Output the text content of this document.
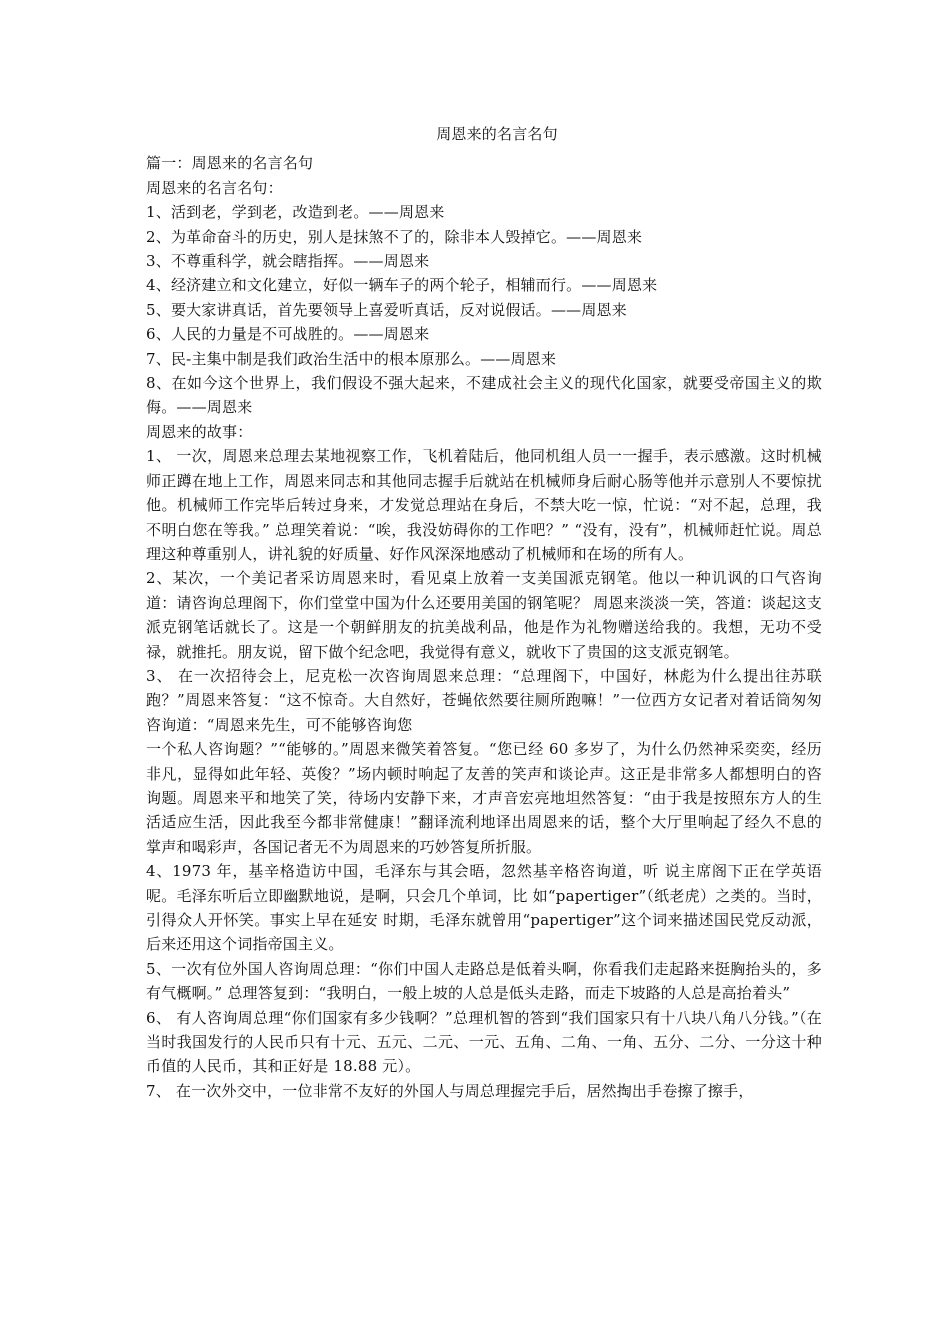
周恩来的名言名句
篇一：周恩来的名言名句
周恩来的名言名句：
1、活到老，学到老，改造到老。——周恩来
2、为革命奋斗的历史，别人是抹煞不了的，除非本人毁掉它。——周恩来
3、不尊重科学，就会瞎指挥。——周恩来
4、经济建立和文化建立，好似一辆车子的两个轮子，相辅而行。——周恩来
5、要大家讲真话，首先要领导上喜爱听真话，反对说假话。——周恩来
6、人民的力量是不可战胜的。——周恩来
7、民-主集中制是我们政治生活中的根本原那么。——周恩来

8、在如今这个世界上，我们假设不强大起来，不建成社会主义的现代化国家，就要受帝国主义的欺侮。——周恩来

周恩来的故事：

1、 一次，周恩来总理去某地视察工作，飞机着陆后，他同机组人员一一握手，表示感激。这时机械师正蹲在地上工作，周恩来同志和其他同志握手后就站在机械师身后耐心肠等他并示意别人不要惊扰他。机械师工作完毕后转过身来，才发觉总理站在身后，不禁大吃一惊，忙说：“对不起，总理，我不明白您在等我。” 总理笑着说：“唉，我没妨碍你的工作吧？” “没有，没有”，机械师赶忙说。周总理这种尊重别人，讲礼貌的好质量、好作风深深地感动了机械师和在场的所有人。

2、某次，一个美记者采访周恩来时，看见桌上放着一支美国派克钢笔。他以一种讥讽的口气咨询道：请咨询总理阁下，你们堂堂中国为什么还要用美国的钢笔呢？ 周恩来淡淡一笑，答道：谈起这支派克钢笔话就长了。这是一个朝鲜朋友的抗美战利品，他是作为礼物赠送给我的。我想，无功不受禄，就推托。朋友说，留下做个纪念吧，我觉得有意义，就收下了贵国的这支派克钢笔。

3、 在一次招待会上，尼克松一次咨询周恩来总理：“总理阁下，中国好，林彪为什么提出往苏联跑？”周恩来答复：“这不惊奇。大自然好，苍蝇依然要往厕所跑嘛！”一位西方女记者对着话筒匆匆咨询道：“周恩来先生，可不能够咨询您

一个私人咨询题？”“能够的。”周恩来微笑着答复。“您已经 60 多岁了，为什么仍然神采奕奕，经历非凡，显得如此年轻、英俊？”场内顿时响起了友善的笑声和谈论声。这正是非常多人都想明白的咨询题。周恩来平和地笑了笑，待场内安静下来，才声音宏亮地坦然答复：“由于我是按照东方人的生活适应生活，因此我至今都非常健康！”翻译流利地译出周恩来的话，整个大厅里响起了经久不息的掌声和喝彩声，各国记者无不为周恩来的巧妙答复所折服。

4、1973 年，基辛格造访中国，毛泽东与其会晤，忽然基辛格咨询道，听 说主席阁下正在学英语呢。毛泽东听后立即幽默地说，是啊，只会几个单词，比 如“papertiger”（纸老虎）之类的。当时，引得众人开怀笑。事实上早在延安 时期，毛泽东就曾用“papertiger”这个词来描述国民党反动派，后来还用这个词指帝国主义。

5、一次有位外国人咨询周总理：“你们中国人走路总是低着头啊，你看我们走起路来挺胸抬头的，多有气概啊。” 总理答复到：“我明白，一般上坡的人总是低头走路，而走下坡路的人总是高抬着头”

6、 有人咨询周总理“你们国家有多少钱啊？”总理机智的答到“我们国家只有十八块八角八分钱。”（在当时我国发行的人民币只有十元、五元、二元、一元、五角、二角、一角、五分、二分、一分这十种币值的人民币，其和正好是 18.88 元）。

7、 在一次外交中，一位非常不友好的外国人与周总理握完手后，居然掏出手卷擦了擦手，
